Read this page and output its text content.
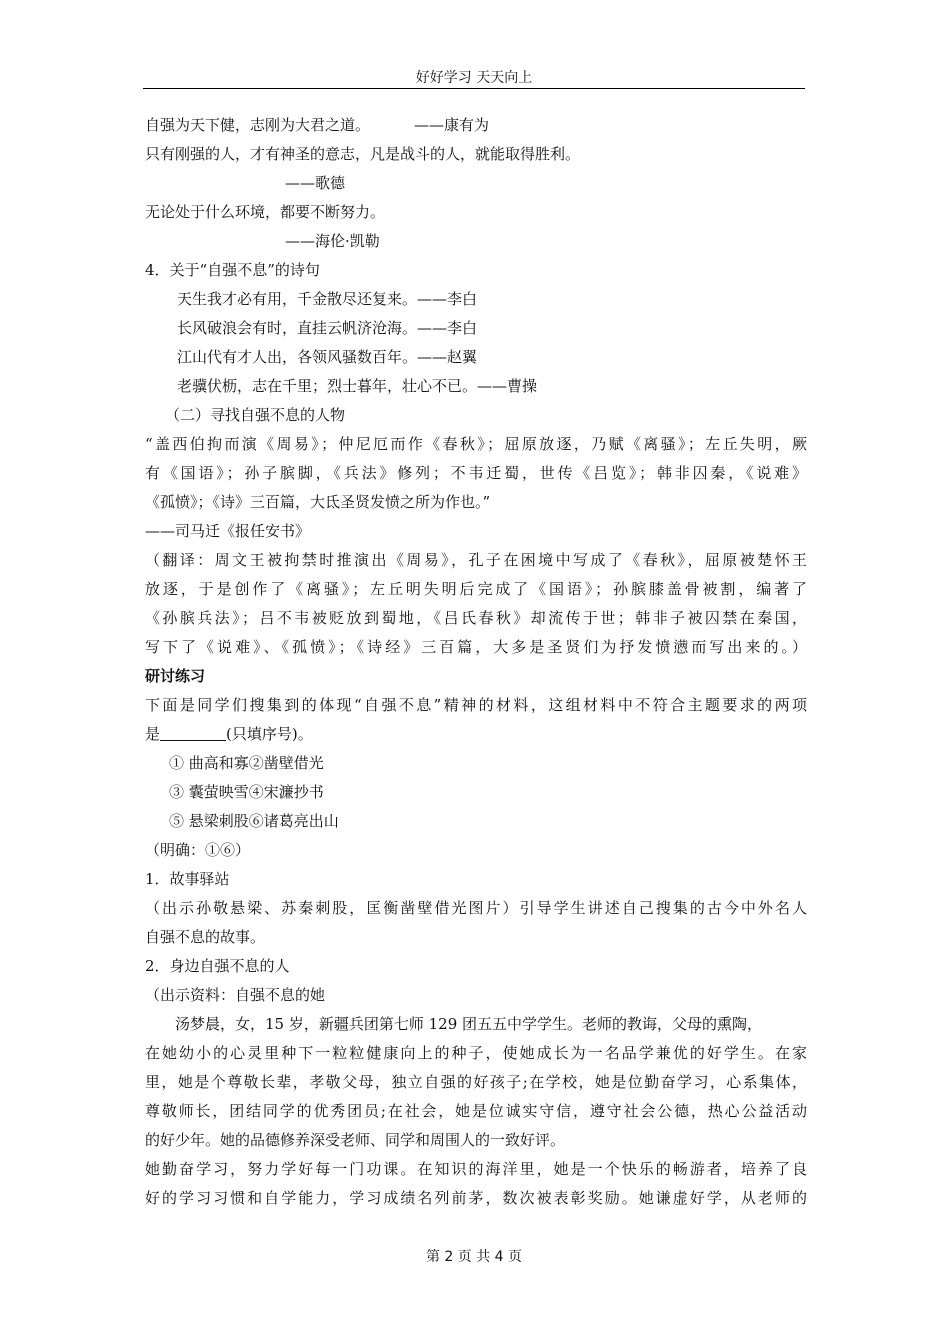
好好学习 天天向上
自强为天下健，志刚为大君之道。	——康有为
只有刚强的人，才有神圣的意志，凡是战斗的人，就能取得胜利。
——歌德
无论处于什么环境，都要不断努力。
——海伦·凯勒
4．关于“自强不息”的诗句
天生我才必有用，千金散尽还复来。——李白
长风破浪会有时，直挂云帆济沧海。——李白
江山代有才人出，各领风骚数百年。——赵翼
老骥伏枥，志在千里；烈士暮年，壮心不已。——曹操
（二）寻找自强不息的人物
“盖西伯拘而演《周易》；仲尼厄而作《春秋》；屈原放逐，乃赋《离骚》；左丘失明，厥
有《国语》；孙子膑脚，《兵法》修列；不韦迁蜀，世传《吕览》；韩非囚秦，《说难》
《孤愤》；《诗》三百篇，大氐圣贤发愤之所为作也。”
——司马迁《报任安书》
（翻译：周文王被拘禁时推演出《周易》，孔子在困境中写成了《春秋》，屈原被楚怀王
放逐，于是创作了《离骚》；左丘明失明后完成了《国语》；孙膑膝盖骨被割，编著了
《孙膑兵法》；吕不韦被贬放到蜀地，《吕氏春秋》却流传于世；韩非子被囚禁在秦国，
写下了《说难》、《孤愤》；《诗经》三百篇，大多是圣贤们为抒发愤懑而写出来的。）
研讨练习
下面是同学们搜集到的体现“自强不息”精神的材料，这组材料中不符合主题要求的两项
是	(只填序号)。
① 曲高和寡②凿壁借光
③ 囊萤映雪④宋濂抄书
⑤ 悬梁刺股⑥诸葛亮出山
（明确：①⑥）
1．故事驿站
（出示孙敬悬梁、苏秦刺股，匡衡凿壁借光图片）引导学生讲述自己搜集的古今中外名人
自强不息的故事。
2．身边自强不息的人
（出示资料：自强不息的她
汤梦晨，女，15 岁，新疆兵团第七师 129 团五五中学学生。老师的教诲，父母的熏陶，
在她幼小的心灵里种下一粒粒健康向上的种子，使她成长为一名品学兼优的好学生。在家
里，她是个尊敬长辈，孝敬父母，独立自强的好孩子;在学校，她是位勤奋学习，心系集体，
尊敬师长，团结同学的优秀团员;在社会，她是位诚实守信，遵守社会公德，热心公益活动
的好少年。她的品德修养深受老师、同学和周围人的一致好评。
她勤奋学习，努力学好每一门功课。在知识的海洋里，她是一个快乐的畅游者，培养了良
好的学习习惯和自学能力，学习成绩名列前茅，数次被表彰奖励。她谦虚好学，从老师的
第 2 页 共 4 页
